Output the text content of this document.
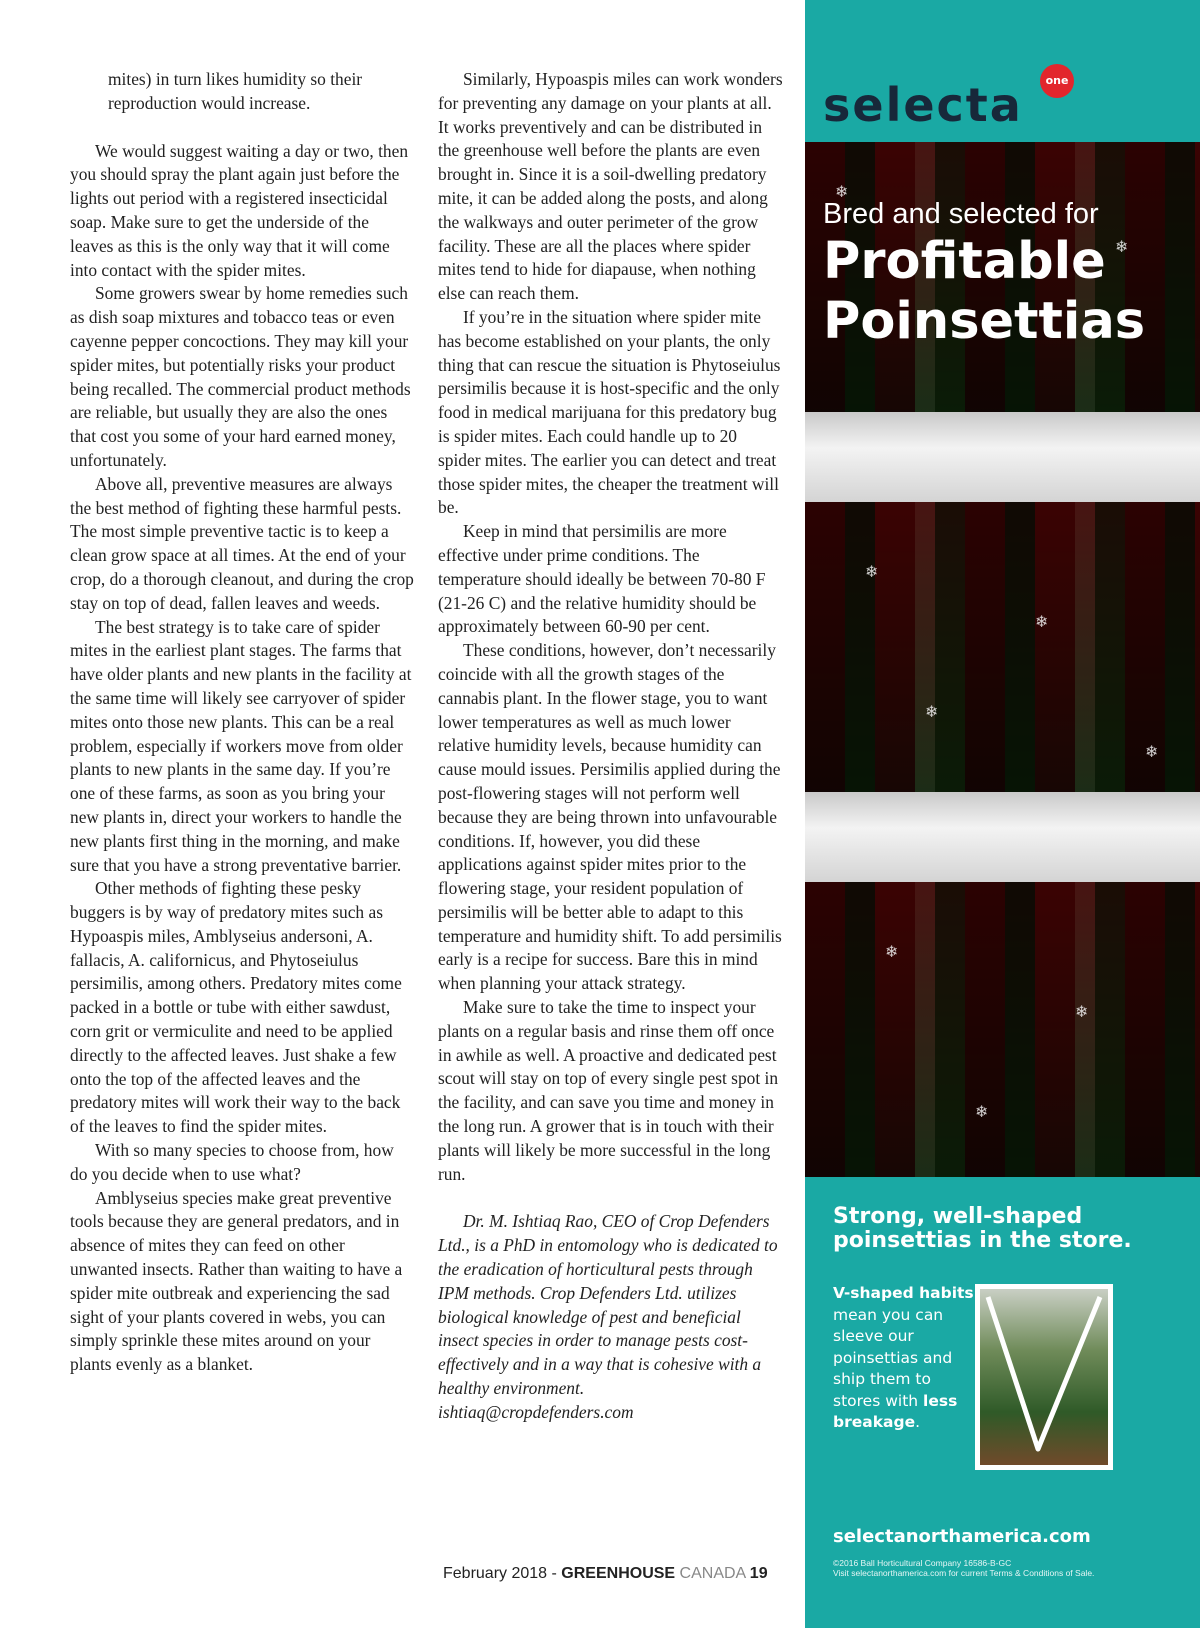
mites) in turn likes humidity so their reproduction would increase.

We would suggest waiting a day or two, then you should spray the plant again just before the lights out period with a registered insecticidal soap. Make sure to get the underside of the leaves as this is the only way that it will come into contact with the spider mites.

Some growers swear by home remedies such as dish soap mixtures and tobacco teas or even cayenne pepper concoctions. They may kill your spider mites, but potentially risks your product being recalled. The commercial product methods are reliable, but usually they are also the ones that cost you some of your hard earned money, unfortunately.

Above all, preventive measures are always the best method of fighting these harmful pests. The most simple preventive tactic is to keep a clean grow space at all times. At the end of your crop, do a thorough cleanout, and during the crop stay on top of dead, fallen leaves and weeds.

The best strategy is to take care of spider mites in the earliest plant stages. The farms that have older plants and new plants in the facility at the same time will likely see carryover of spider mites onto those new plants. This can be a real problem, especially if workers move from older plants to new plants in the same day. If you’re one of these farms, as soon as you bring your new plants in, direct your workers to handle the new plants first thing in the morning, and make sure that you have a strong preventative barrier.

Other methods of fighting these pesky buggers is by way of predatory mites such as Hypoaspis miles, Amblyseius andersoni, A. fallacis, A. californicus, and Phytoseiulus persimilis, among others. Predatory mites come packed in a bottle or tube with either sawdust, corn grit or vermiculite and need to be applied directly to the affected leaves. Just shake a few onto the top of the affected leaves and the predatory mites will work their way to the back of the leaves to find the spider mites.

With so many species to choose from, how do you decide when to use what?

Amblyseius species make great preventive tools because they are general predators, and in absence of mites they can feed on other unwanted insects. Rather than waiting to have a spider mite outbreak and experiencing the sad sight of your plants covered in webs, you can simply sprinkle these mites around on your plants evenly as a blanket.

Similarly, Hypoaspis miles can work wonders for preventing any damage on your plants at all. It works preventively and can be distributed in the greenhouse well before the plants are even brought in. Since it is a soil-dwelling predatory mite, it can be added along the posts, and along the walkways and outer perimeter of the grow facility. These are all the places where spider mites tend to hide for diapause, when nothing else can reach them.

If you’re in the situation where spider mite has become established on your plants, the only thing that can rescue the situation is Phytoseiulus persimilis because it is host-specific and the only food in medical marijuana for this predatory bug is spider mites. Each could handle up to 20 spider mites. The earlier you can detect and treat those spider mites, the cheaper the treatment will be.

Keep in mind that persimilis are more effective under prime conditions. The temperature should ideally be between 70-80 F (21-26 C) and the relative humidity should be approximately between 60-90 per cent.

These conditions, however, don’t necessarily coincide with all the growth stages of the cannabis plant. In the flower stage, you to want lower temperatures as well as much lower relative humidity levels, because humidity can cause mould issues. Persimilis applied during the post-flowering stages will not perform well because they are being thrown into unfavourable conditions. If, however, you did these applications against spider mites prior to the flowering stage, your resident population of persimilis will be better able to adapt to this temperature and humidity shift. To add persimilis early is a recipe for success. Bare this in mind when planning your attack strategy.

Make sure to take the time to inspect your plants on a regular basis and rinse them off once in awhile as well. A proactive and dedicated pest scout will stay on top of every single pest spot in the facility, and can save you time and money in the long run. A grower that is in touch with their plants will likely be more successful in the long run.

Dr. M. Ishtiaq Rao, CEO of Crop Defenders Ltd., is a PhD in entomology who is dedicated to the eradication of horticultural pests through IPM methods. Crop Defenders Ltd. utilizes biological knowledge of pest and beneficial insect species in order to manage pests cost-effectively and in a way that is cohesive with a healthy environment. ishtiaq@cropdefenders.com

February 2018 - GREENHOUSE CANADA 19
selecta	one
❄
❄
❄
❄
❄
❄
❄
❄
❄
Bred and selected for
Profitable
Poinsettias
Strong, well-shaped poinsettias in the store.
V-shaped habits mean you can sleeve our poinsettias and ship them to stores with less breakage.
selectanorthamerica.com
©2016 Ball Horticultural Company 16586-B-GC
Visit selectanorthamerica.com for current Terms & Conditions of Sale.
